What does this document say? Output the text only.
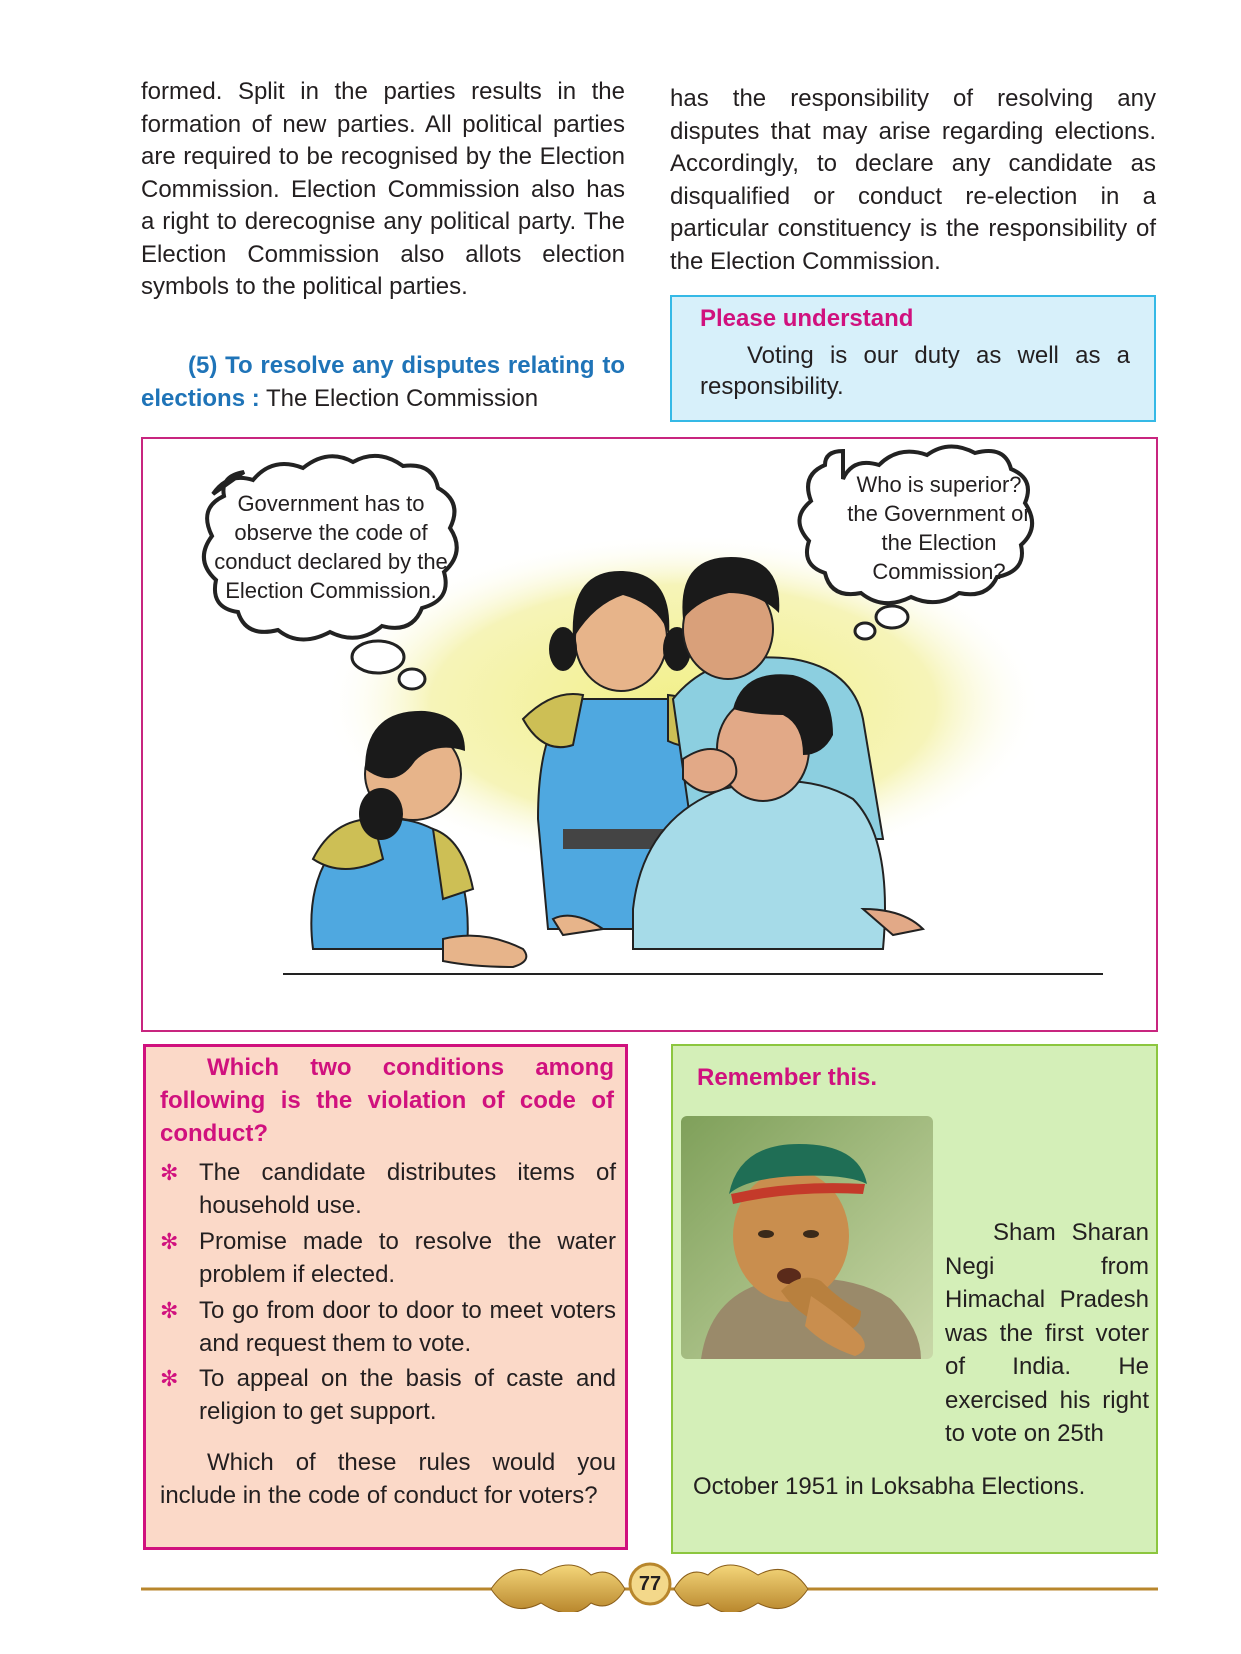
formed. Split in the parties results in the formation of new parties. All political parties are required to be recognised by the Election Commission. Election Commission also has a right to derecognise any political party. The Election Commission also allots election symbols to the political parties.

(5) To resolve any disputes relating to elections : The Election Commission

has the responsibility of resolving any disputes that may arise regarding elections. Accordingly, to declare any candidate as disqualified or conduct re-election in a particular constituency is the responsibility of the Election Commission.

Please understand
Voting is our duty as well as a responsibility.
Government has to observe the code of conduct declared by the Election Commission.
Who is superior? the Government or the Election Commission?
Which two conditions among following is the violation of code of conduct?
✻ The candidate distributes items of household use.
✻ Promise made to resolve the water problem if elected.
✻ To go from door to door to meet voters and request them to vote.
✻ To appeal on the basis of caste and religion to get support.
Which of these rules would you include in the code of conduct for voters?
Remember this.
Sham Sharan Negi from Himachal Pradesh was the first voter of India. He exercised his right to vote on 25th
October 1951 in Loksabha Elections.
77
